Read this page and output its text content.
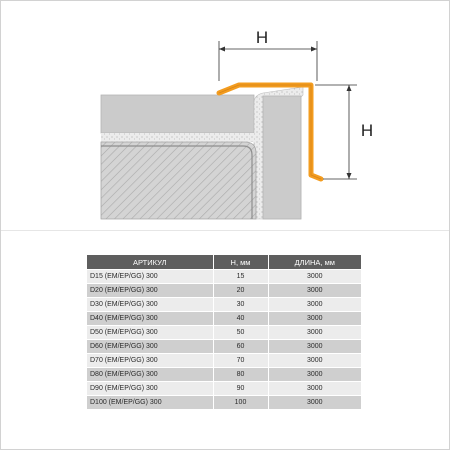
H
H
АРТИКУЛ	H, мм	ДЛИНА, мм
D15 (EM/EP/GG) 300	15	3000
D20 (EM/EP/GG) 300	20	3000
D30 (EM/EP/GG) 300	30	3000
D40 (EM/EP/GG) 300	40	3000
D50 (EM/EP/GG) 300	50	3000
D60 (EM/EP/GG) 300	60	3000
D70 (EM/EP/GG) 300	70	3000
D80 (EM/EP/GG) 300	80	3000
D90 (EM/EP/GG) 300	90	3000
D100 (EM/EP/GG) 300	100	3000
